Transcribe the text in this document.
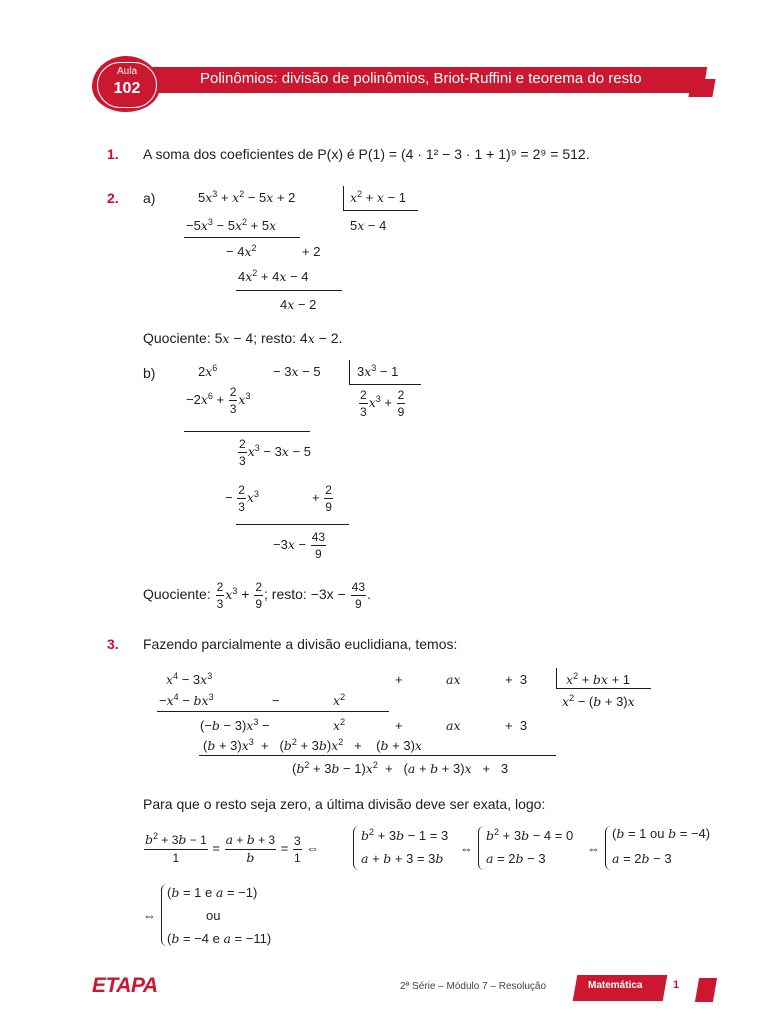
Polinômios: divisão de polinômios, Briot-Ruffini e teorema do resto
Aula
102
1. A soma dos coeficientes de P(x) é P(1) = (4 · 1² − 3 · 1 + 1)⁹ = 2⁹ = 512.
2. a)	$5x^3 + x^2 - 5x + 2$	$x^2 + x - 1$
5x − 4
$-5x^3 - 5x^2 + 5x$
− $4x^2$	+ 2
$4x^2 + 4x - 4$
4x − 2
Quociente: 5x − 4; resto: 4x − 2.
b)	$2x^6$	− 3x − 5	$3x^3 - 1$
$\frac{2}{3} x^3 + \frac{2}{9}$
$-2x^6 + \frac{2}{3} x^3$
$\frac{2}{3} x^3 - 3x - 5$
− $\frac{2}{3} x^3$	+ $\frac{2}{9}$
$-3x - \frac{43}{9}$
Quociente: $\frac{2}{3} x^3 + \frac{2}{9}$ ; resto: $-3x - \frac{43}{9}$ .
3. Fazendo parcialmente a divisão euclidiana, temos:
$x^4 - 3x^3$	+	ax	+  3	$x^2$ + bx + 1
$x^2 - (b + 3)x$
$-x^4 - bx^3$	−	$x^2$
$(-b - 3)x^3$ −	$x^2$	+	ax	+  3
$(b + 3)x^3 + (b^2 + 3b)x^2$   +    (b + 3)x
$(b^2 + 3b - 1)x^2 + (a + b + 3)x + 3$
Para que o resto seja zero, a última divisão deve ser exata, logo:
$\frac{b^2 + 3b - 1}{1} = \frac{a + b + 3}{b} = \frac{3}{1}$ ⇔
$b^2 + 3b - 1 = 3$
a + b + 3 = 3b
⇔
$b^2 + 3b - 4 = 0$
a = 2b − 3
⇔
(b = 1 ou b = −4)
a = 2b − 3
⇔
(b = 1 e a = −1)
ou
(b = −4 e a = −11)
ETAPA	2ª Série – Módulo 7 – Resolução	Matemática	1
